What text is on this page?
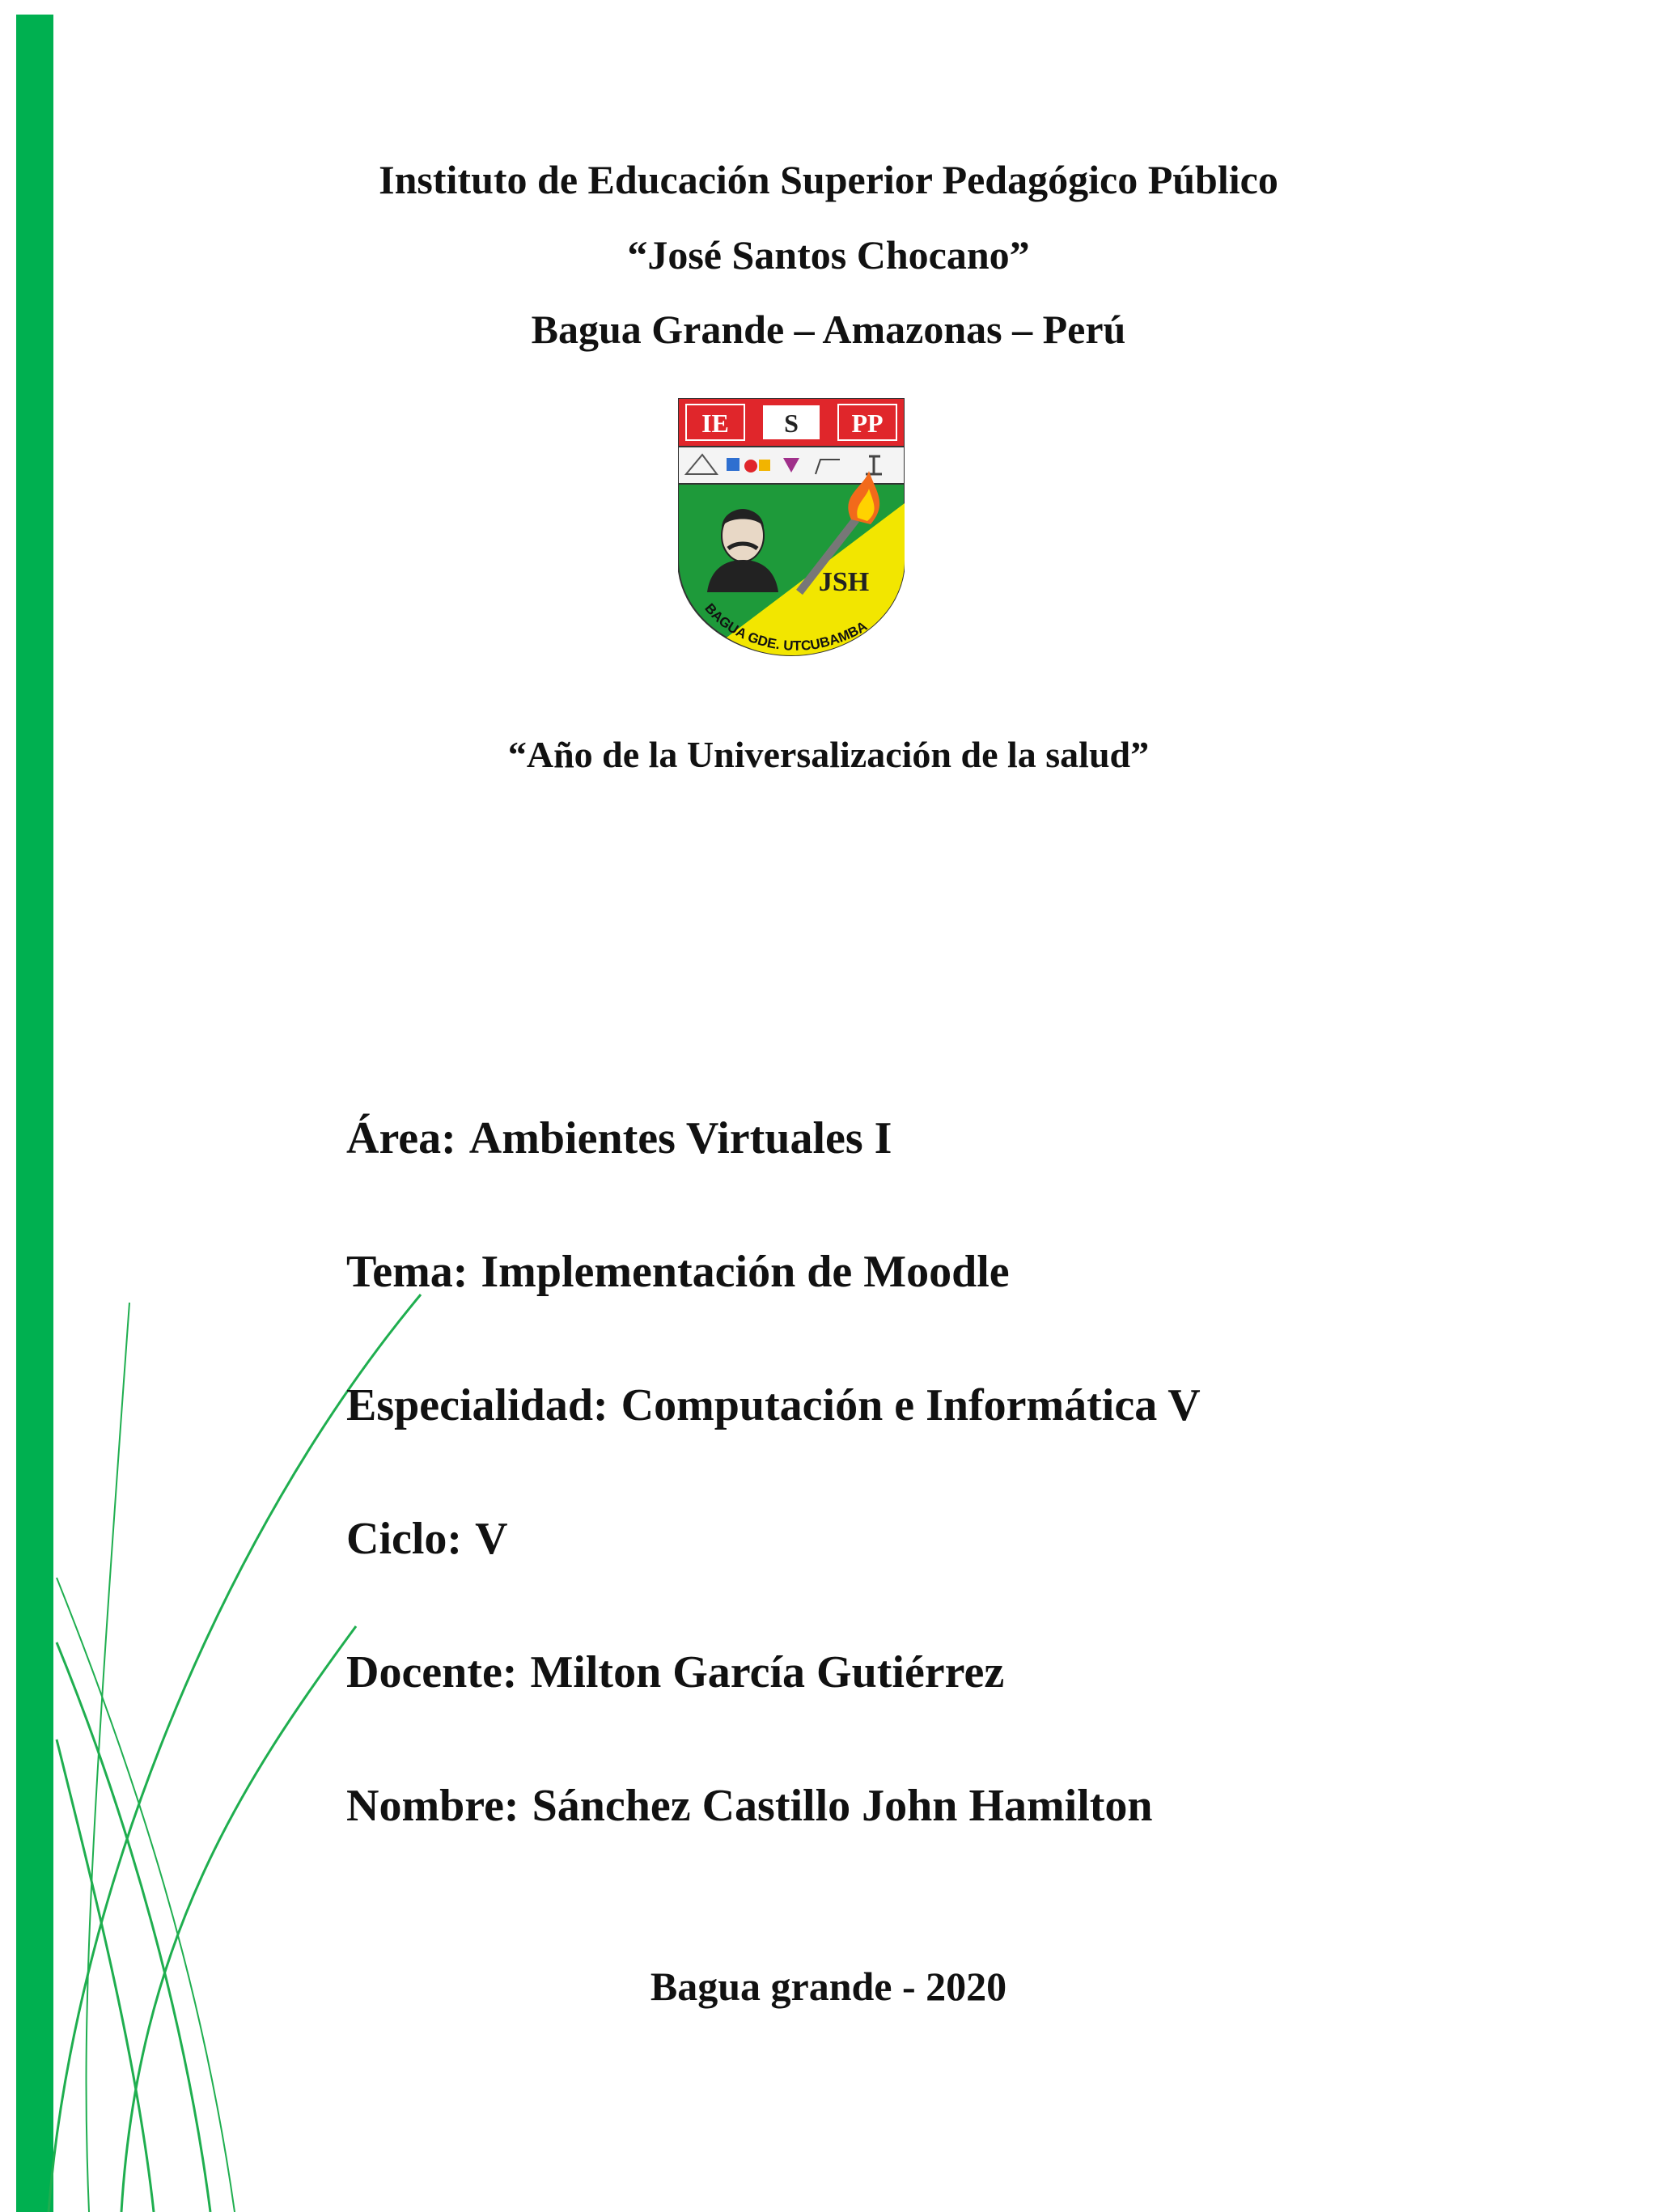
Instituto de Educación Superior Pedagógico Público
“José Santos Chocano”
Bagua Grande – Amazonas – Perú
IE S PP
JSH
BAGUA GDE. UTCUBAMBA
“Año de la Universalización de la salud”
Área: Ambientes Virtuales I
Tema: Implementación de Moodle
Especialidad: Computación e Informática V
Ciclo: V
Docente: Milton García Gutiérrez
Nombre: Sánchez Castillo John Hamilton
Bagua grande - 2020
